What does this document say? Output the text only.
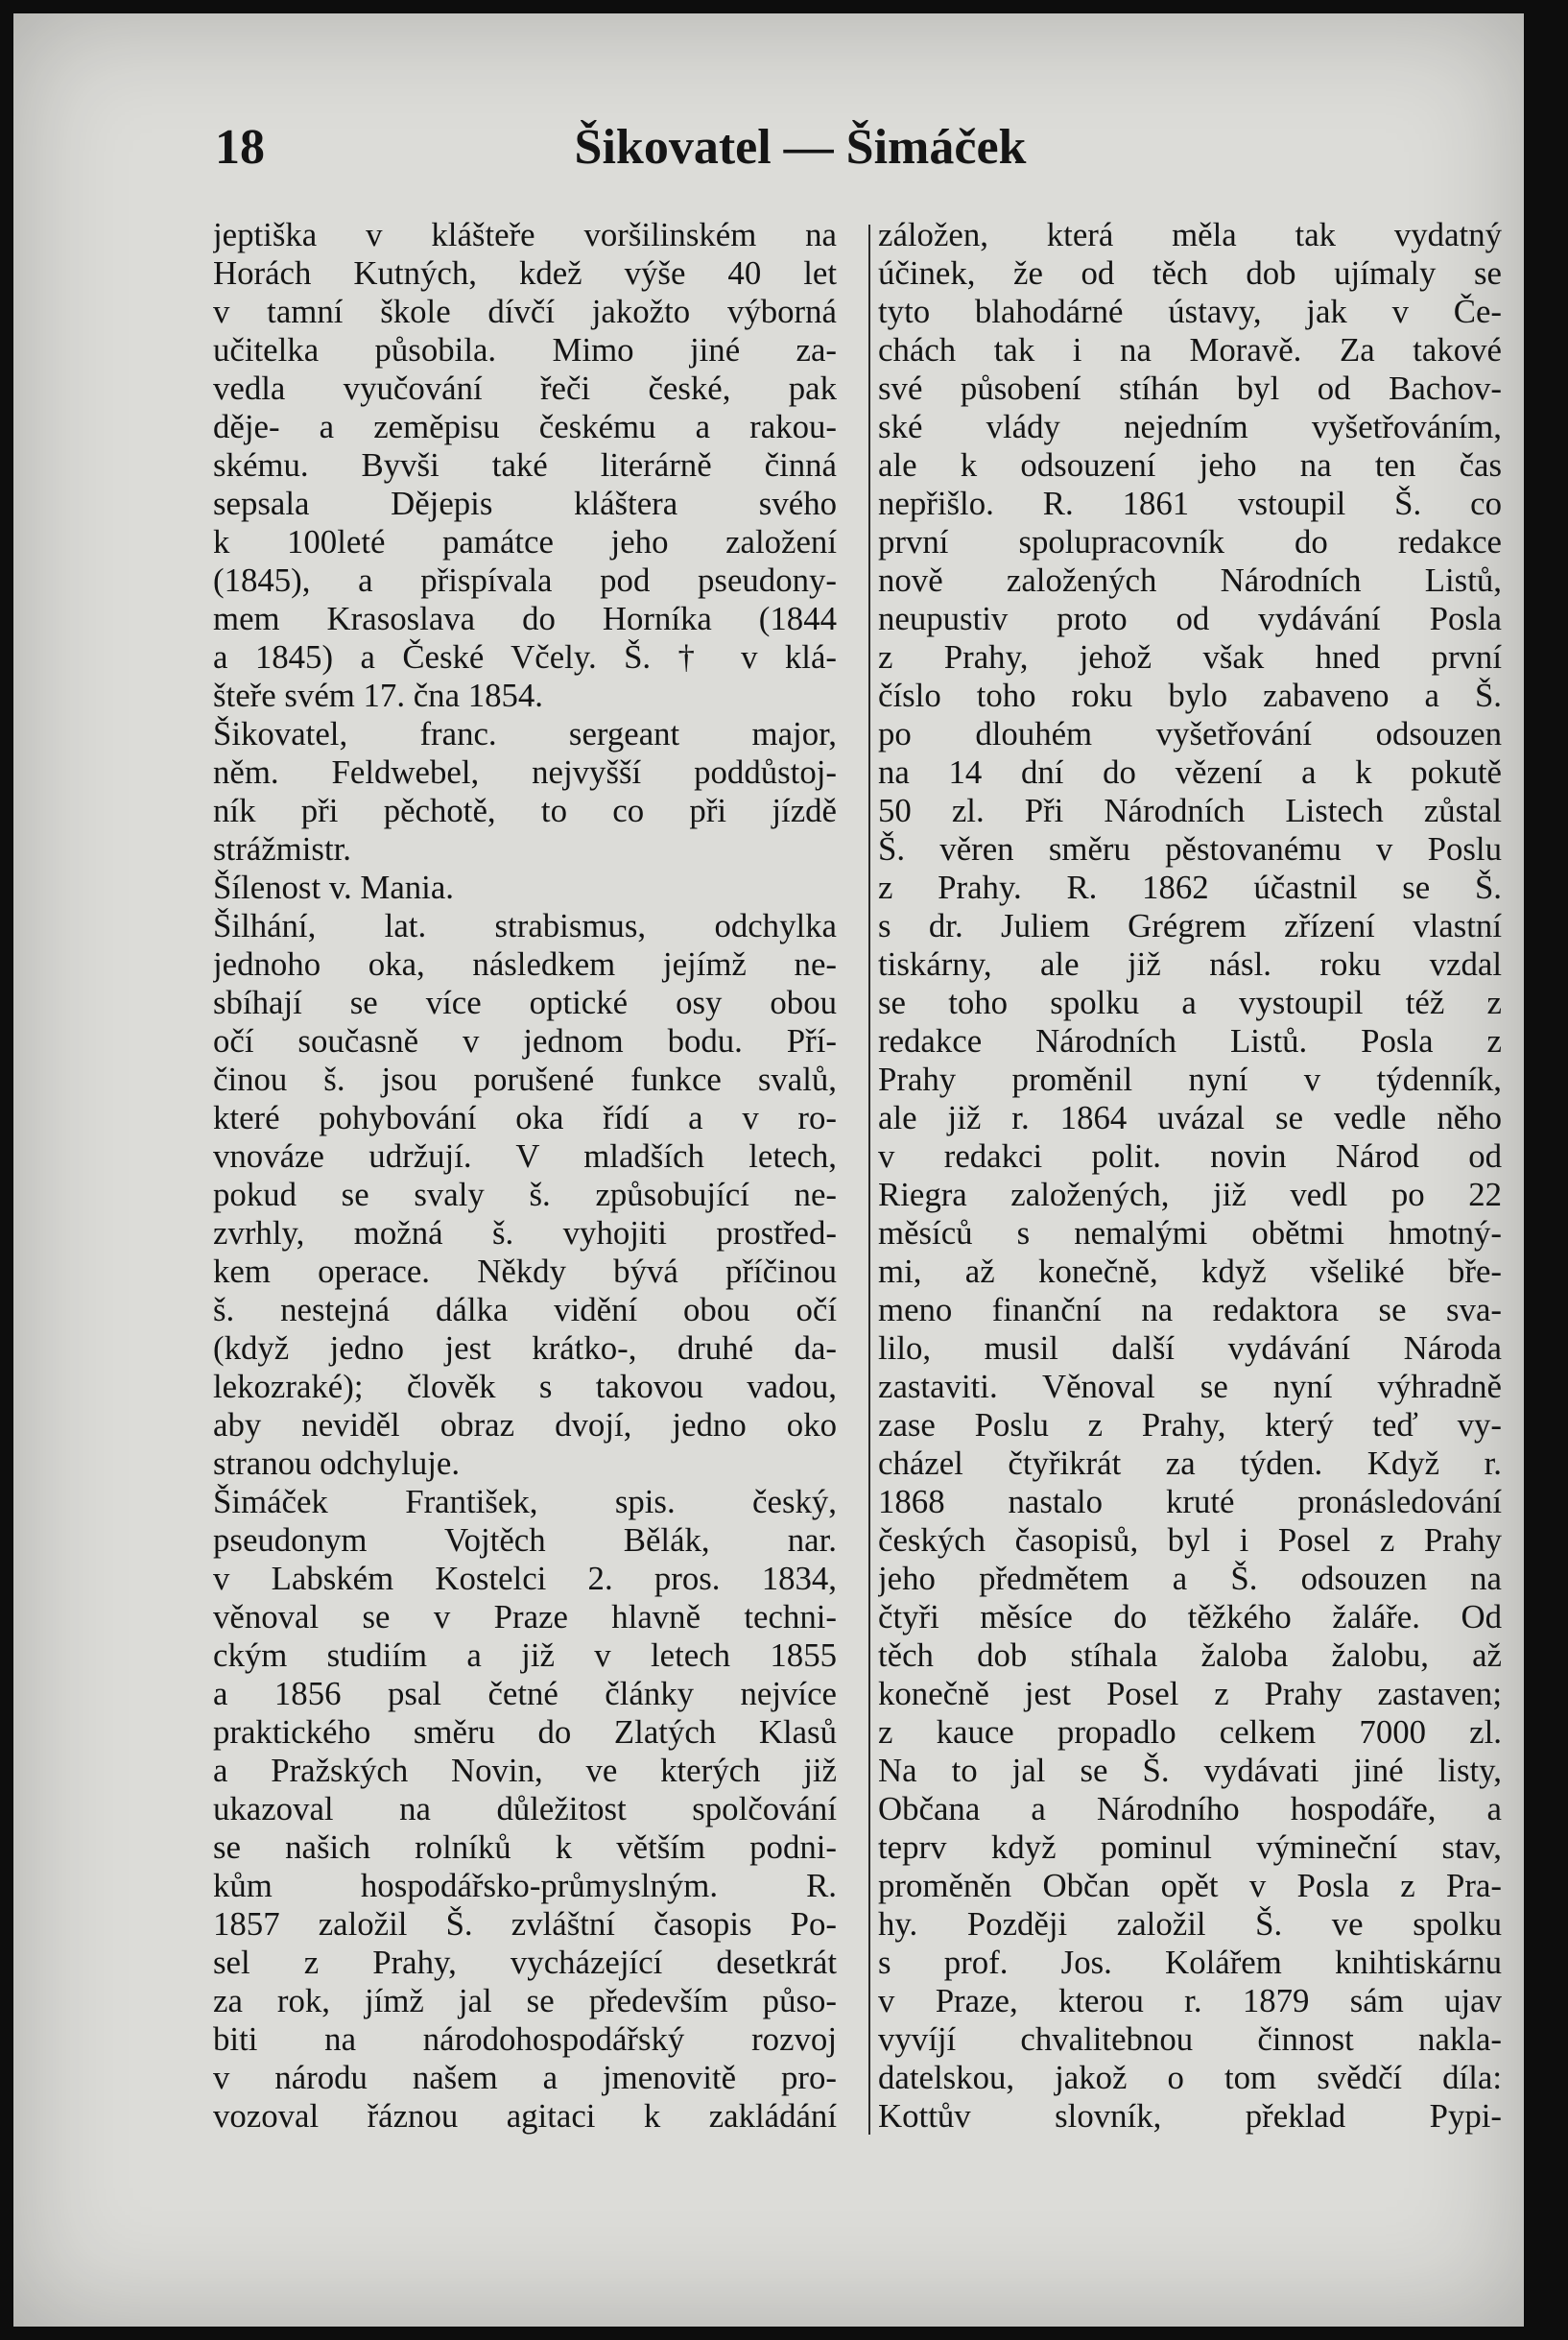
18	Šikovatel — Šimáček
jeptiška v klášteře voršilinském na
Horách Kutných, kdež výše 40 let
v tamní škole dívčí jakožto výborná
učitelka působila. Mimo jiné za-
vedla vyučování řeči české, pak
děje- a zeměpisu českému a rakou-
skému. Byvši také literárně činná
sepsala Dějepis kláštera svého
k 100leté památce jeho založení
(1845), a přispívala pod pseudony-
mem Krasoslava do Horníka (1844
a 1845) a České Včely. Š. † v klá-
šteře svém 17. čna 1854.
Šikovatel, franc. sergeant major,
něm. Feldwebel, nejvyšší poddůstoj-
ník při pěchotě, to co při jízdě
strážmistr.
Šílenost v. Mania.
Šilhání, lat. strabismus, odchylka
jednoho oka, následkem jejímž ne-
sbíhají se více optické osy obou
očí současně v jednom bodu. Pří-
činou š. jsou porušené funkce svalů,
které pohybování oka řídí a v ro-
vnováze udržují. V mladších letech,
pokud se svaly š. způsobující ne-
zvrhly, možná š. vyhojiti prostřed-
kem operace. Někdy bývá příčinou
š. nestejná dálka vidění obou očí
(když jedno jest krátko-, druhé da-
lekozraké); člověk s takovou vadou,
aby neviděl obraz dvojí, jedno oko
stranou odchyluje.
Šimáček František, spis. český,
pseudonym Vojtěch Bělák, nar.
v Labském Kostelci 2. pros. 1834,
věnoval se v Praze hlavně techni-
ckým studiím a již v letech 1855
a 1856 psal četné články nejvíce
praktického směru do Zlatých Klasů
a Pražských Novin, ve kterých již
ukazoval na důležitost spolčování
se našich rolníků k větším podni-
kům hospodářsko-průmyslným. R.
1857 založil Š. zvláštní časopis Po-
sel z Prahy, vycházející desetkrát
za rok, jímž jal se především půso-
biti na národohospodářský rozvoj
v národu našem a jmenovitě pro-
vozoval řáznou agitaci k zakládání
záložen, která měla tak vydatný
účinek, že od těch dob ujímaly se
tyto blahodárné ústavy, jak v Če-
chách tak i na Moravě. Za takové
své působení stíhán byl od Bachov-
ské vlády nejedním vyšetřováním,
ale k odsouzení jeho na ten čas
nepřišlo. R. 1861 vstoupil Š. co
první spolupracovník do redakce
nově založených Národních Listů,
neupustiv proto od vydávání Posla
z Prahy, jehož však hned první
číslo toho roku bylo zabaveno a Š.
po dlouhém vyšetřování odsouzen
na 14 dní do vězení a k pokutě
50 zl. Při Národních Listech zůstal
Š. věren směru pěstovanému v Poslu
z Prahy. R. 1862 účastnil se Š.
s dr. Juliem Grégrem zřízení vlastní
tiskárny, ale již násl. roku vzdal
se toho spolku a vystoupil též z
redakce Národních Listů. Posla z
Prahy proměnil nyní v týdenník,
ale již r. 1864 uvázal se vedle něho
v redakci polit. novin Národ od
Riegra založených, již vedl po 22
měsíců s nemalými obětmi hmotný-
mi, až konečně, když všeliké bře-
meno finanční na redaktora se sva-
lilo, musil další vydávání Národa
zastaviti. Věnoval se nyní výhradně
zase Poslu z Prahy, který teď vy-
cházel čtyřikrát za týden. Když r.
1868 nastalo kruté pronásledování
českých časopisů, byl i Posel z Prahy
jeho předmětem a Š. odsouzen na
čtyři měsíce do těžkého žaláře. Od
těch dob stíhala žaloba žalobu, až
konečně jest Posel z Prahy zastaven;
z kauce propadlo celkem 7000 zl.
Na to jal se Š. vydávati jiné listy,
Občana a Národního hospodáře, a
teprv když pominul výmineční stav,
proměněn Občan opět v Posla z Pra-
hy. Později založil Š. ve spolku
s prof. Jos. Kolářem knihtiskárnu
v Praze, kterou r. 1879 sám ujav
vyvíjí chvalitebnou činnost nakla-
datelskou, jakož o tom svědčí díla:
Kottův slovník, překlad Pypi-
